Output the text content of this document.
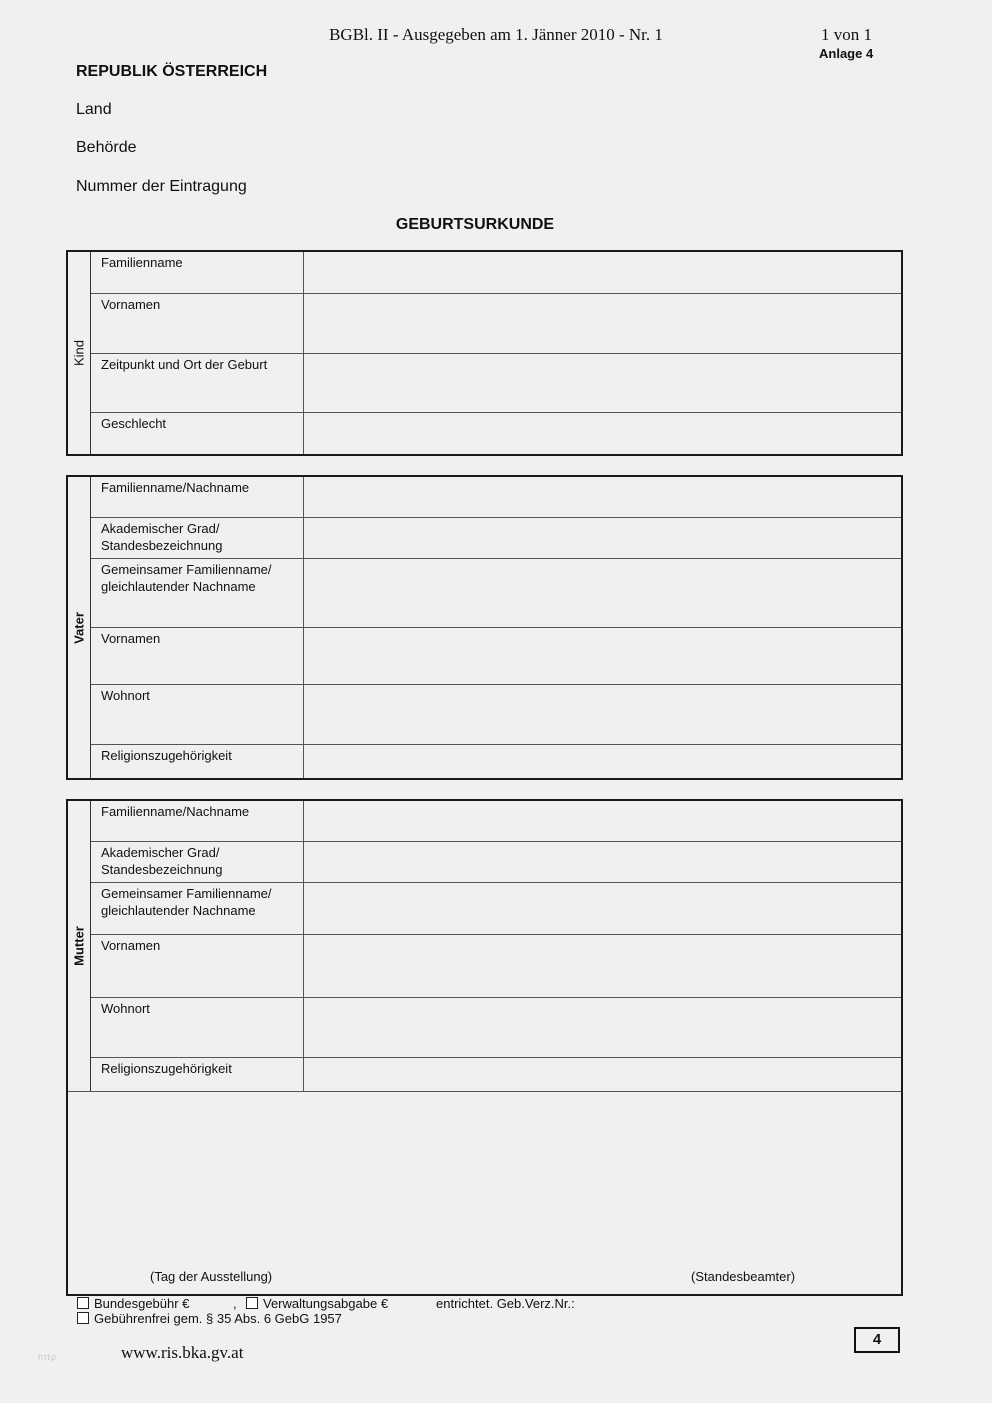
BGBl. II - Ausgegeben am 1. Jänner 2010 - Nr. 1	1 von 1
Anlage 4
REPUBLIK ÖSTERREICH
Land
Behörde
Nummer der Eintragung
GEBURTSURKUNDE
Kind
Familienname
Vornamen
Zeitpunkt und Ort der Geburt
Geschlecht
Vater
Familienname/Nachname
Akademischer Grad/
Standesbezeichnung
Gemeinsamer Familienname/
gleichlautender Nachname
Vornamen
Wohnort
Religionszugehörigkeit
Mutter
Familienname/Nachname
Akademischer Grad/
Standesbezeichnung
Gemeinsamer Familienname/
gleichlautender Nachname
Vornamen
Wohnort
Religionszugehörigkeit
(Tag der Ausstellung)	(Standesbeamter)
Bundesgebühr €	,	Verwaltungsabgabe €	entrichtet. Geb.Verz.Nr.:
Gebührenfrei gem. § 35 Abs. 6 GebG 1957
4
www.ris.bka.gv.at
http
